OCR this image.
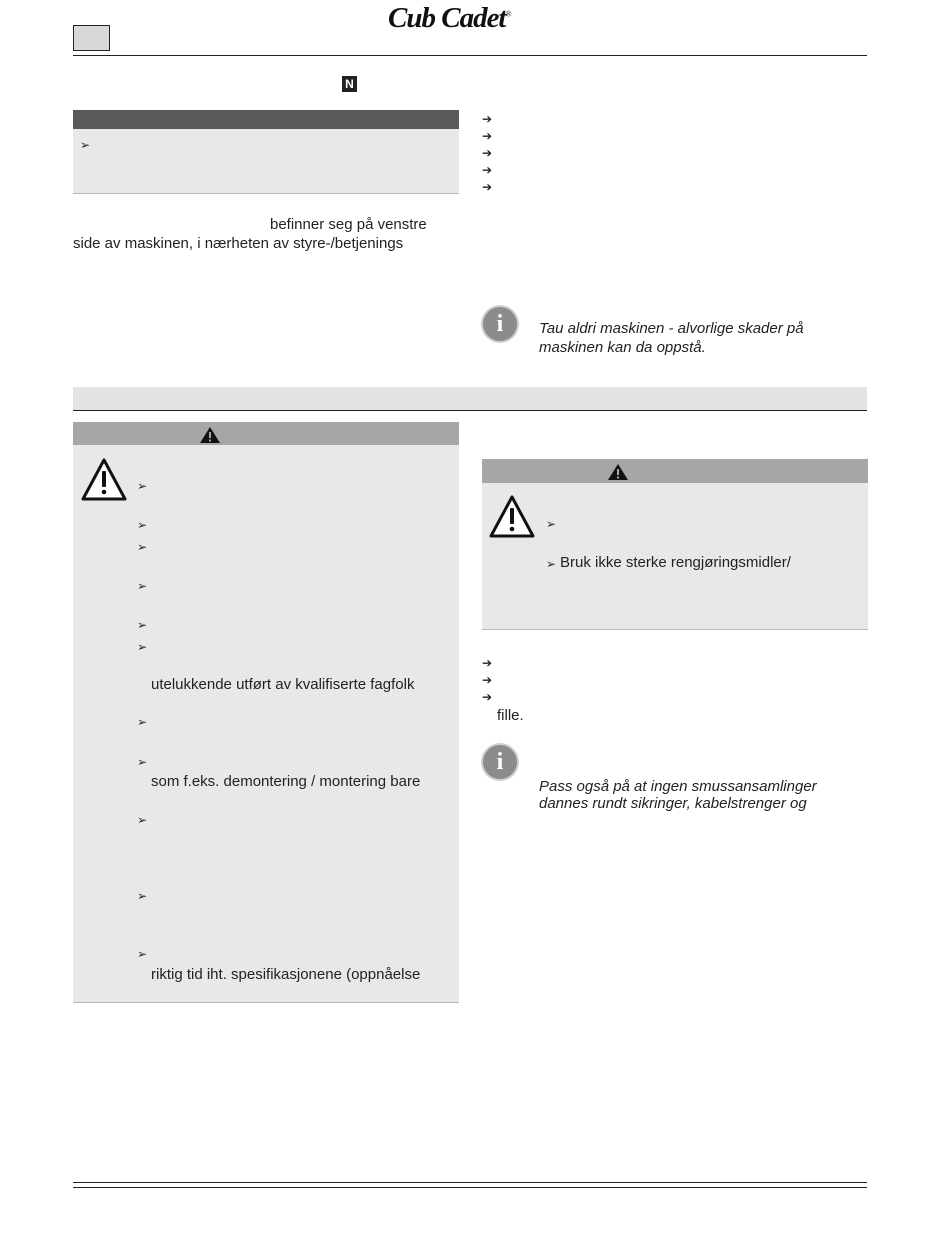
Cub Cadet®
N
➢
befinner seg på venstre
side av maskinen, i nærheten av styre-/betjenings
➔
➔
➔
➔
➔
i	Tau aldri maskinen - alvorlige skader på
maskinen kan da oppstå.
➢
➢
➢
➢
➢
➢
utelukkende utført av kvalifiserte fagfolk
➢
➢
som f.eks. demontering / montering bare
➢
➢
➢
riktig tid iht. spesifikasjonene (oppnåelse
➢
➢ Bruk ikke sterke rengjøringsmidler/
➔
➔
➔
fille.
i
Pass også på at ingen smussansamlinger
dannes rundt sikringer, kabelstrenger og
